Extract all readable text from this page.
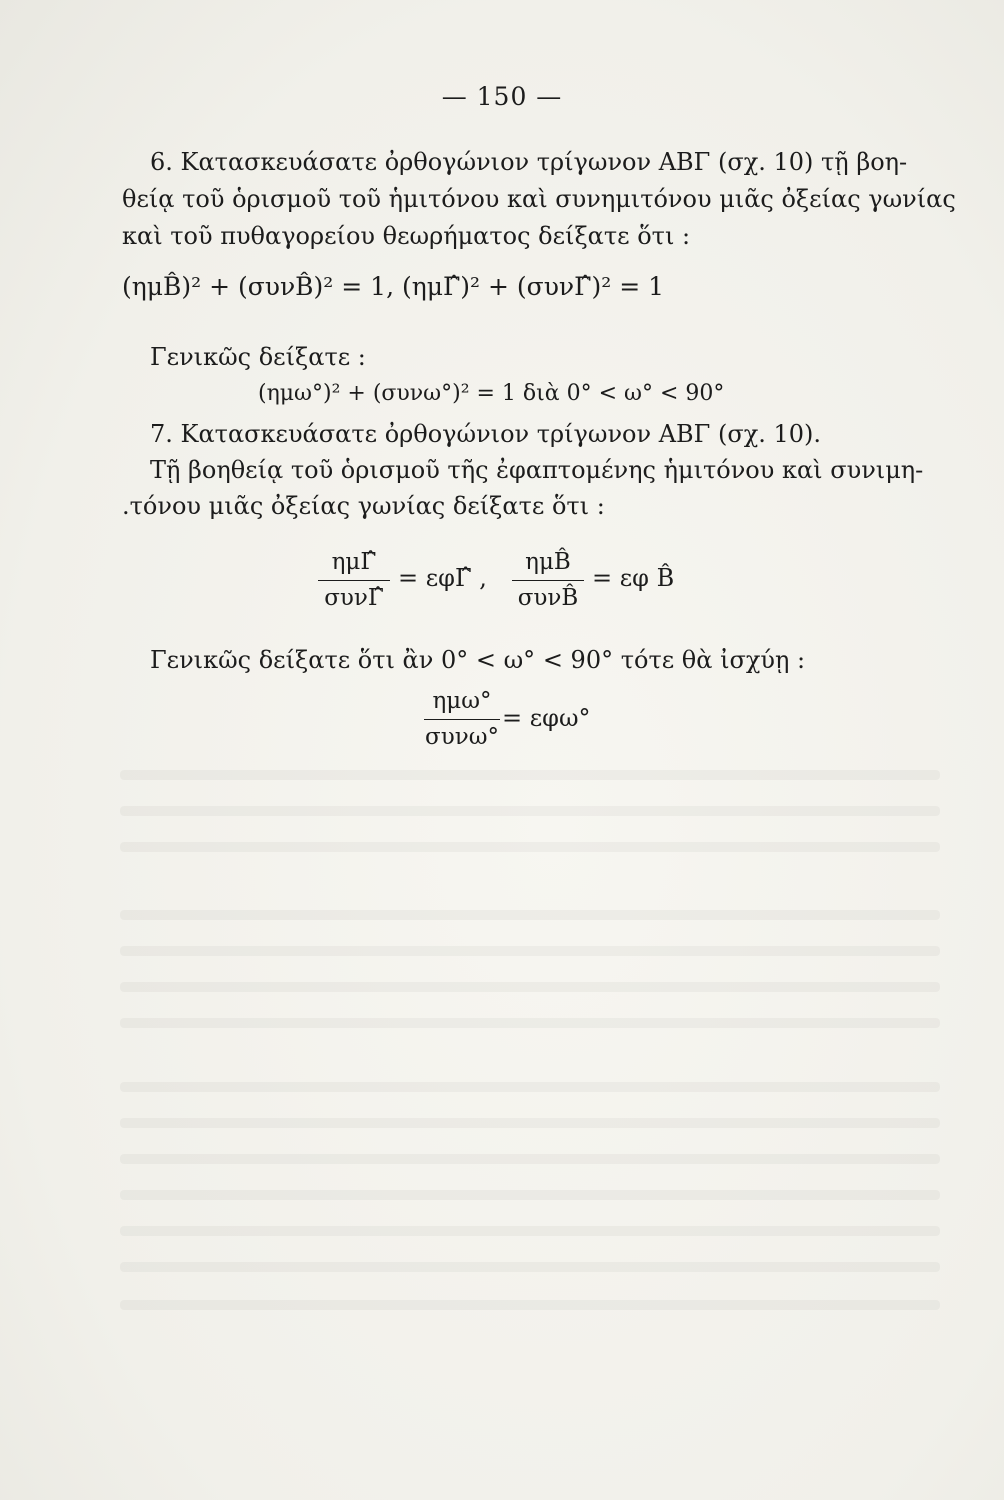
— 150 —
6. Κατασκευάσατε ὀρθογώνιον τρίγωνον ΑΒΓ (σχ. 10) τῇ βοη-
θείᾳ τοῦ ὁρισμοῦ τοῦ ἡμιτόνου καὶ συνημιτόνου μιᾶς ὀξείας γωνίας
καὶ τοῦ πυθαγορείου θεωρήματος δείξατε ὅτι :
(ημB̂)² + (συνB̂)² = 1, (ημΓ̂)² + (συνΓ̂)² = 1
Γενικῶς δείξατε :
(ημω°)² + (συνω°)² = 1 διὰ 0° < ω° < 90°
7. Κατασκευάσατε ὀρθογώνιον τρίγωνον ΑΒΓ (σχ. 10).
Τῇ βοηθείᾳ τοῦ ὁρισμοῦ τῆς ἐφαπτομένης ἡμιτόνου καὶ συνιμη-
.τόνου μιᾶς ὀξείας γωνίας δείξατε ὅτι :
ημΓ̂
συνΓ̂
= εφΓ̂ ,
ημB̂
συνB̂
= εφ B̂
Γενικῶς δείξατε ὅτι ἂν 0° < ω° < 90° τότε θὰ ἰσχύῃ :
ημω°
συνω°
= εφω°
